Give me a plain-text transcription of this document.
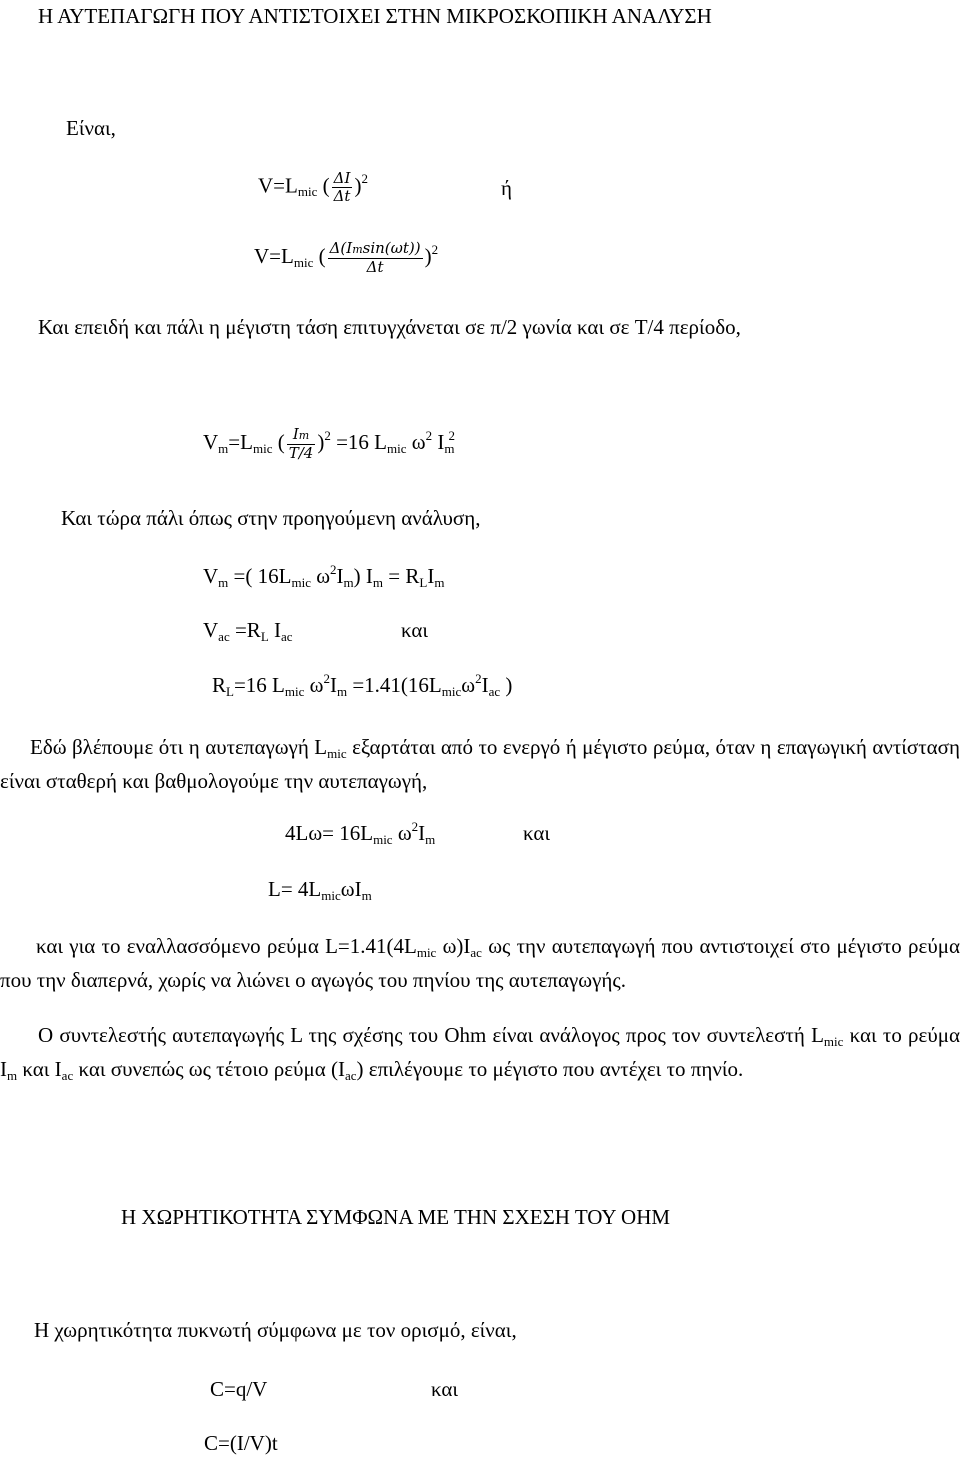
Η ΑΥΤΕΠΑΓΩΓΗ ΠΟΥ ΑΝΤΙΣΤΟΙΧΕΙ ΣΤΗΝ ΜΙΚΡΟΣΚΟΠΙΚΗ ΑΝΑΛΥΣΗ
Είναι,
$V=L_{mic}$ ( $\frac{\Delta I}{\Delta t} )^2$	ή
$V=L_{mic}$ ( $\frac{\Delta(Imsin(\omega t))}{\Delta t} )^2$
Και επειδή και πάλι η μέγιστη τάση επιτυγχάνεται σε π/2 γωνία και σε T/4 περίοδο,
$V_m=L_{mic}$ ( $\frac{Im}{T/4} )^2 =16$ $L_{mic}$ $\omega^2$ $I_m^2$
Και τώρα πάλι όπως στην προηγούμενη ανάλυση,
$V_m$ =( $16L_{mic}$ $\omega^2I_m$) $I_m = R_LI_m$
$V_{ac} =R_L$ $I_{ac}$	και
$R_L=16$ $L_{mic}$ $\omega^2I_m =1.41(16L_{mic}\omega^2I_{ac}$ )
Εδώ βλέπουμε ότι η αυτεπαγωγή $L_{mic}$ εξαρτάται από το ενεργό ή μέγιστο ρεύμα, όταν η επαγωγική αντίσταση είναι σταθερή και βαθμολογούμε την αυτεπαγωγή,
$4L\omega= 16L_{mic}$ $\omega^2I_m$	και
$L= 4L_{mic}\omega I_m$
και για το εναλλασσόμενο ρεύμα $L=1.41(4L_{mic}$ $\omega)I_{ac}$ ως την αυτεπαγωγή που αντιστοιχεί στο μέγιστο ρεύμα που την διαπερνά, χωρίς να λιώνει ο αγωγός του πηνίου της αυτεπαγωγής.
Ο συντελεστής αυτεπαγωγής L της σχέσης του Ohm είναι ανάλογος προς τον συντελεστή $L_{mic}$ και το ρεύμα $I_m$ και $I_{ac}$ και συνεπώς ως τέτοιο ρεύμα $(I_{ac})$ επιλέγουμε το μέγιστο που αντέχει το πηνίο.
Η ΧΩΡΗΤΙΚΟΤΗΤΑ ΣΥΜΦΩΝΑ ΜΕ ΤΗΝ ΣΧΕΣΗ ΤΟΥ OHM
Η χωρητικότητα πυκνωτή σύμφωνα με τον ορισμό, είναι,
C=q/V	και
C=(I/V)t
